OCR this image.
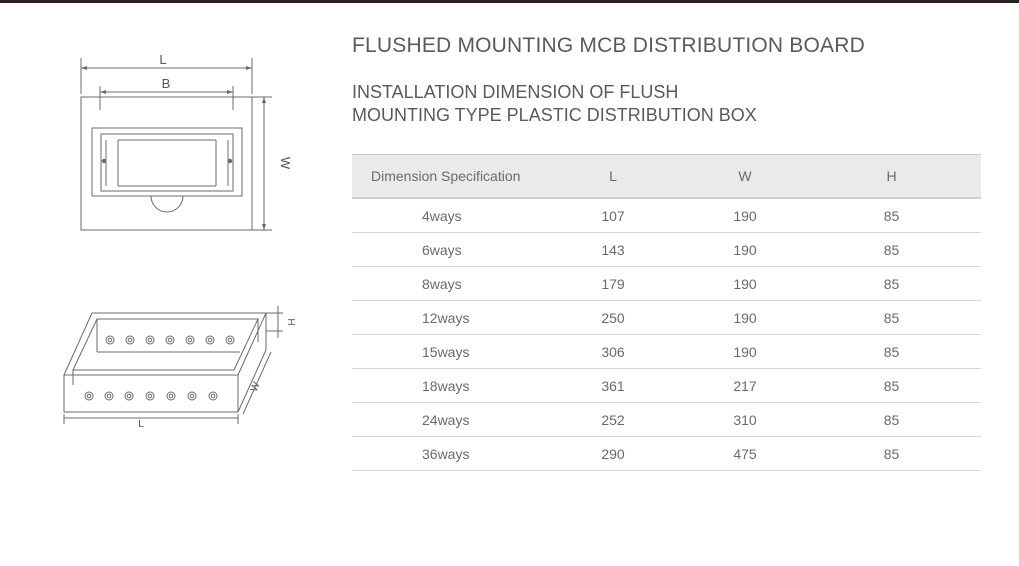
L
B
W
H
W
L
FLUSHED MOUNTING MCB DISTRIBUTION BOARD
INSTALLATION DIMENSION OF FLUSH
MOUNTING TYPE PLASTIC DISTRIBUTION BOX
Dimension Specification	L	W	H
4ways	107	190	85
6ways	143	190	85
8ways	179	190	85
12ways	250	190	85
15ways	306	190	85
18ways	361	217	85
24ways	252	310	85
36ways	290	475	85
